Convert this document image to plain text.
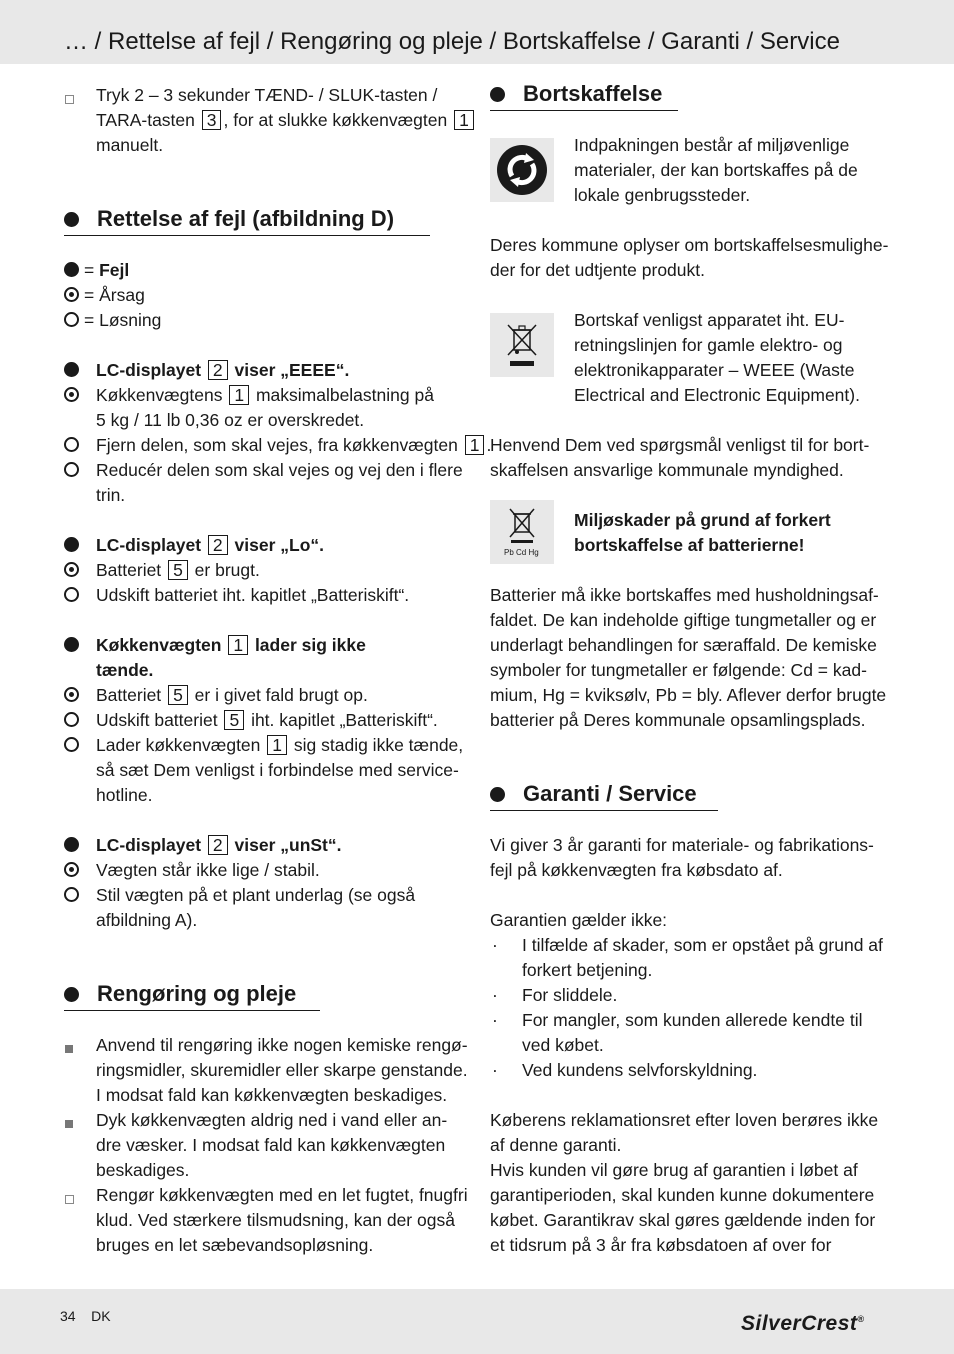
… / Rettelse af fejl / Rengøring og pleje / Bortskaffelse / Garanti / Service
Tryk 2 – 3 sekunder TÆND- / SLUK-tasten /
TARA-tasten 3 , for at slukke køkkenvægten 1
manuelt.
Rettelse af fejl (afbildning D)
= Fejl
= Årsag
= Løsning
LC-displayet 2 viser „EEEE“.
Køkkenvægtens 1 maksimalbelastning på
5 kg / 11 lb 0,36 oz er overskredet.
Fjern delen, som skal vejes, fra køkkenvægten 1 .
Reducér delen som skal vejes og vej den i flere
trin.
LC-displayet 2 viser „Lo“.
Batteriet 5 er brugt.
Udskift batteriet iht. kapitlet „Batteriskift“.
Køkkenvægten 1 lader sig ikke
tænde.
Batteriet 5 er i givet fald brugt op.
Udskift batteriet 5 iht. kapitlet „Batteriskift“.
Lader køkkenvægten 1 sig stadig ikke tænde,
så sæt Dem venligst i forbindelse med service-
hotline.
LC-displayet 2 viser „unSt“.
Vægten står ikke lige / stabil.
Stil vægten på et plant underlag (se også
afbildning A).
Rengøring og pleje
Anvend til rengøring ikke nogen kemiske rengø-
ringsmidler, skuremidler eller skarpe genstande.
I modsat fald kan køkkenvægten beskadiges.
Dyk køkkenvægten aldrig ned i vand eller an-
dre væsker. I modsat fald kan køkkenvægten
beskadiges.
Rengør køkkenvægten med en let fugtet, fnugfri
klud. Ved stærkere tilsmudsning, kan der også
bruges en let sæbevandsopløsning.
Bortskaffelse
Indpakningen består af miljøvenlige
materialer, der kan bortskaffes på de
lokale genbrugssteder.
Deres kommune oplyser om bortskaffelsesmulighe-
der for det udtjente produkt.
Bortskaf venligst apparatet iht. EU-
retningslinjen for gamle elektro- og
elektronikapparater – WEEE (Waste
Electrical and Electronic Equipment).
Henvend Dem ved spørgsmål venligst til for bort-
skaffelsen ansvarlige kommunale myndighed.
Pb Cd Hg
Miljøskader på grund af forkert
bortskaffelse af batterierne!
Batterier må ikke bortskaffes med husholdningsaf-
faldet. De kan indeholde giftige tungmetaller og er
underlagt behandlingen for særaffald. De kemiske
symboler for tungmetaller er følgende: Cd = kad-
mium, Hg = kviksølv, Pb = bly. Aflever derfor brugte
batterier på Deres kommunale opsamlingsplads.
Garanti / Service
Vi giver 3 år garanti for materiale- og fabrikations-
fejl på køkkenvægten fra købsdato af.
Garantien gælder ikke:
· I tilfælde af skader, som er opstået på grund af
forkert betjening.
· For sliddele.
· For mangler, som kunden allerede kendte til
ved købet.
· Ved kundens selvforskyldning.
Køberens reklamationsret efter loven berøres ikke
af denne garanti.
Hvis kunden vil gøre brug af garantien i løbet af
garantiperioden, skal kunden kunne dokumentere
købet. Garantikrav skal gøres gældende inden for
et tidsrum på 3 år fra købsdatoen af over for
34 DK	SilverCrest®
